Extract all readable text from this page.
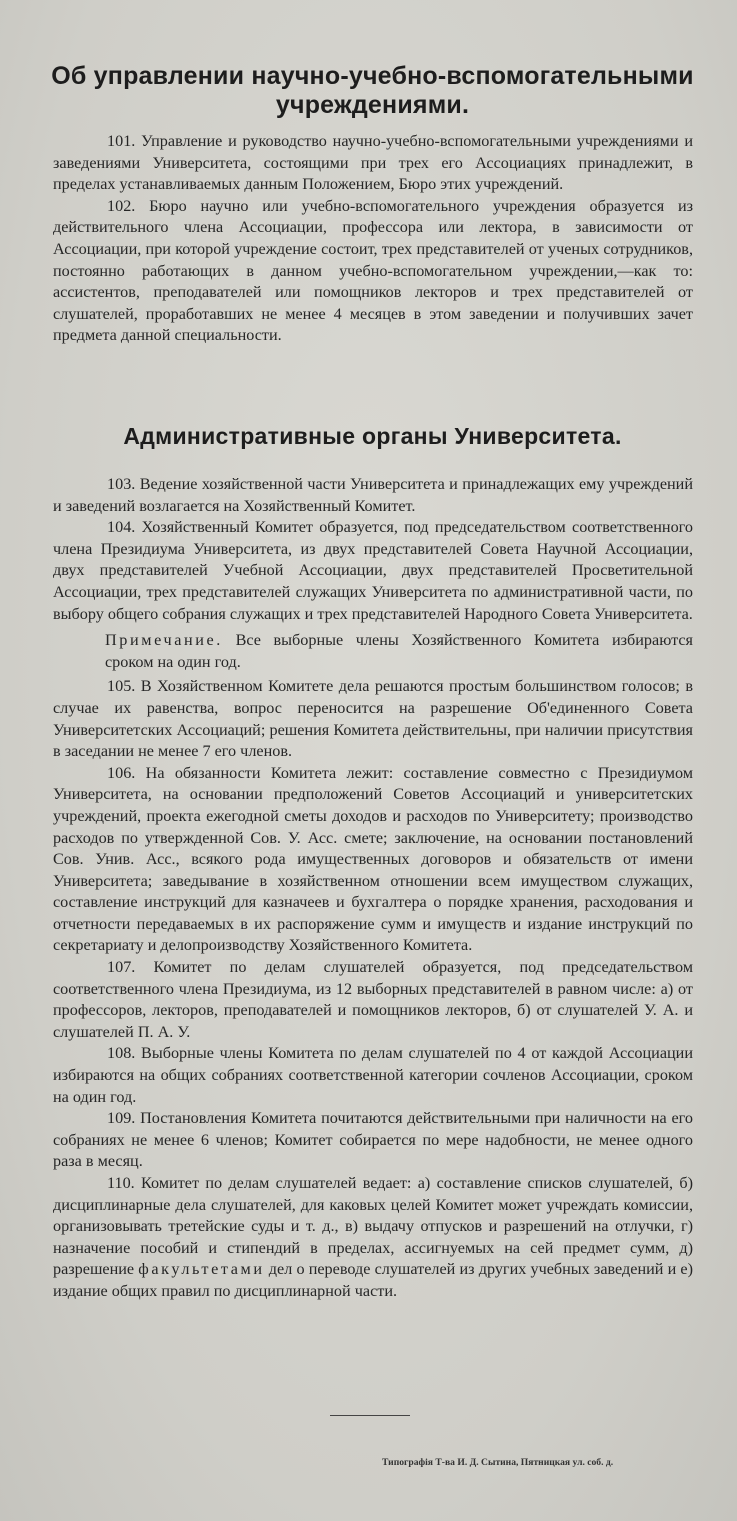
Об управлении научно-учебно-вспомогательными учреждениями.

101. Управление и руководство научно-учебно-вспомогательными учреждениями и заведениями Университета, состоящими при трех его Ассоциациях принадлежит, в пределах устанавливаемых данным Положением, Бюро этих учреждений.

102. Бюро научно или учебно-вспомогательного учреждения образуется из действительного члена Ассоциации, профессора или лектора, в зависимости от Ассоциации, при которой учреждение состоит, трех представителей от ученых сотрудников, постоянно работающих в данном учебно-вспомогательном учреждении,—как то: ассистентов, преподавателей или помощников лекторов и трех представителей от слушателей, проработавших не менее 4 месяцев в этом заведении и получивших зачет предмета данной специальности.

Административные органы Университета.

103. Ведение хозяйственной части Университета и принадлежащих ему учреждений и заведений возлагается на Хозяйственный Комитет.

104. Хозяйственный Комитет образуется, под председательством соответственного члена Президиума Университета, из двух представителей Совета Научной Ассоциации, двух представителей Учебной Ассоциации, двух представителей Просветительной Ассоциации, трех представителей служащих Университета по административной части, по выбору общего собрания служащих и трех представителей Народного Совета Университета.

Примечание. Все выборные члены Хозяйственного Комитета избираются сроком на один год.

105. В Хозяйственном Комитете дела решаются простым большинством голосов; в случае их равенства, вопрос переносится на разрешение Об'единенного Совета Университетских Ассоциаций; решения Комитета действительны, при наличии присутствия в заседании не менее 7 его членов.

106. На обязанности Комитета лежит: составление совместно с Президиумом Университета, на основании предположений Советов Ассоциаций и университетских учреждений, проекта ежегодной сметы доходов и расходов по Университету; производство расходов по утвержденной Сов. У. Асс. смете; заключение, на основании постановлений Сов. Унив. Асс., всякого рода имущественных договоров и обязательств от имени Университета; заведывание в хозяйственном отношении всем имуществом служащих, составление инструкций для казначеев и бухгалтера о порядке хранения, расходования и отчетности передаваемых в их распоряжение сумм и имуществ и издание инструкций по секретариату и делопроизводству Хозяйственного Комитета.

107. Комитет по делам слушателей образуется, под председательством соответственного члена Президиума, из 12 выборных представителей в равном числе: а) от профессоров, лекторов, преподавателей и помощников лекторов, б) от слушателей У. А. и слушателей П. А. У.

108. Выборные члены Комитета по делам слушателей по 4 от каждой Ассоциации избираются на общих собраниях соответственной категории сочленов Ассоциации, сроком на один год.

109. Постановления Комитета почитаются действительными при наличности на его собраниях не менее 6 членов; Комитет собирается по мере надобности, не менее одного раза в месяц.

110. Комитет по делам слушателей ведает: а) составление списков слушателей, б) дисциплинарные дела слушателей, для каковых целей Комитет может учреждать комиссии, организовывать третейские суды и т. д., в) выдачу отпусков и разрешений на отлучки, г) назначение пособий и стипендий в пределах, ассигнуемых на сей предмет сумм, д) разрешение факультетами дел о переводе слушателей из других учебных заведений и е) издание общих правил по дисциплинарной части.

Типографія Т-ва И. Д. Сытина, Пятницкая ул. соб. д.
